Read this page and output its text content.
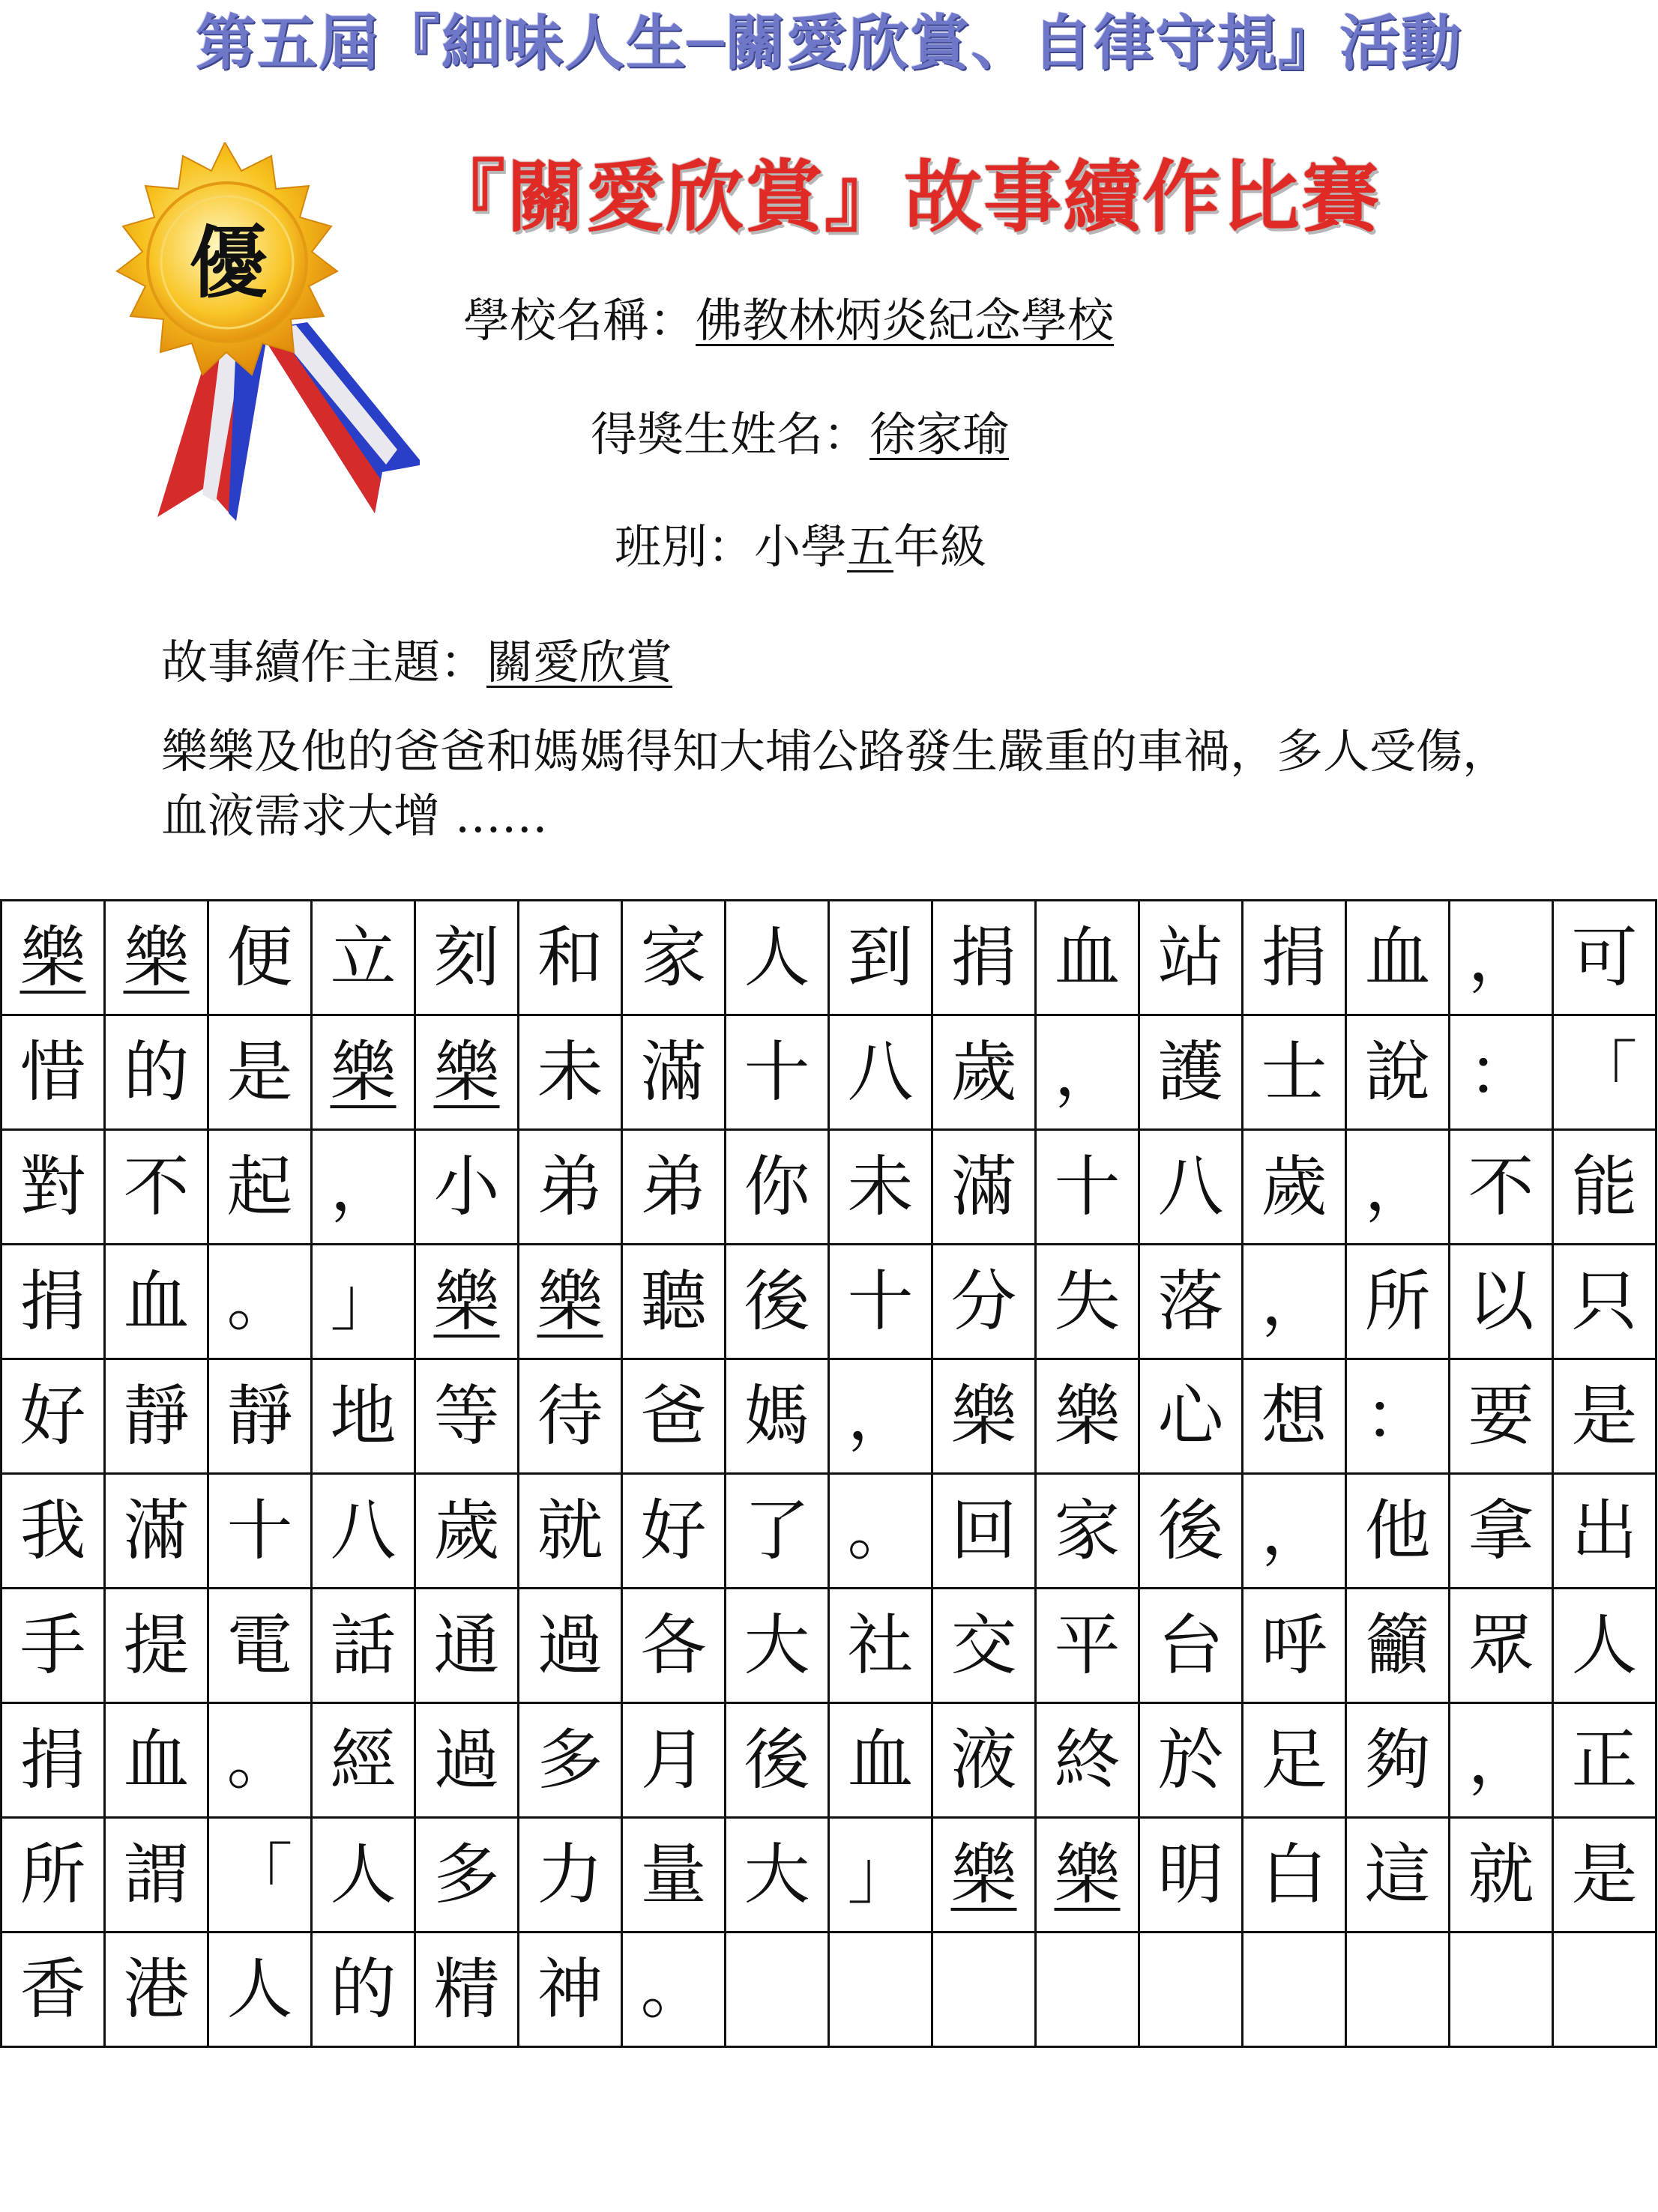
第五屆『細味人生─關愛欣賞、自律守規』活動
優
『關愛欣賞』故事續作比賽
學校名稱：佛教林炳炎紀念學校
得獎生姓名：徐家瑜
班別：小學五年級
故事續作主題：關愛欣賞
樂樂及他的爸爸和媽媽得知大埔公路發生嚴重的車禍，多人受傷，血液需求大增 ……
樂	樂	便	立	刻	和	家	人	到	捐	血	站	捐	血	，	可
惜	的	是	樂	樂	未	滿	十	八	歲	，	護	士	說	：	「
對	不	起	，	小	弟	弟	你	未	滿	十	八	歲	，	不	能
捐	血	。	」	樂	樂	聽	後	十	分	失	落	，	所	以	只
好	靜	靜	地	等	待	爸	媽	，	樂	樂	心	想	：	要	是
我	滿	十	八	歲	就	好	了	。	回	家	後	，	他	拿	出
手	提	電	話	通	過	各	大	社	交	平	台	呼	籲	眾	人
捐	血	。	經	過	多	月	後	血	液	終	於	足	夠	，	正
所	謂	「	人	多	力	量	大	」	樂	樂	明	白	這	就	是
香	港	人	的	精	神	。									
